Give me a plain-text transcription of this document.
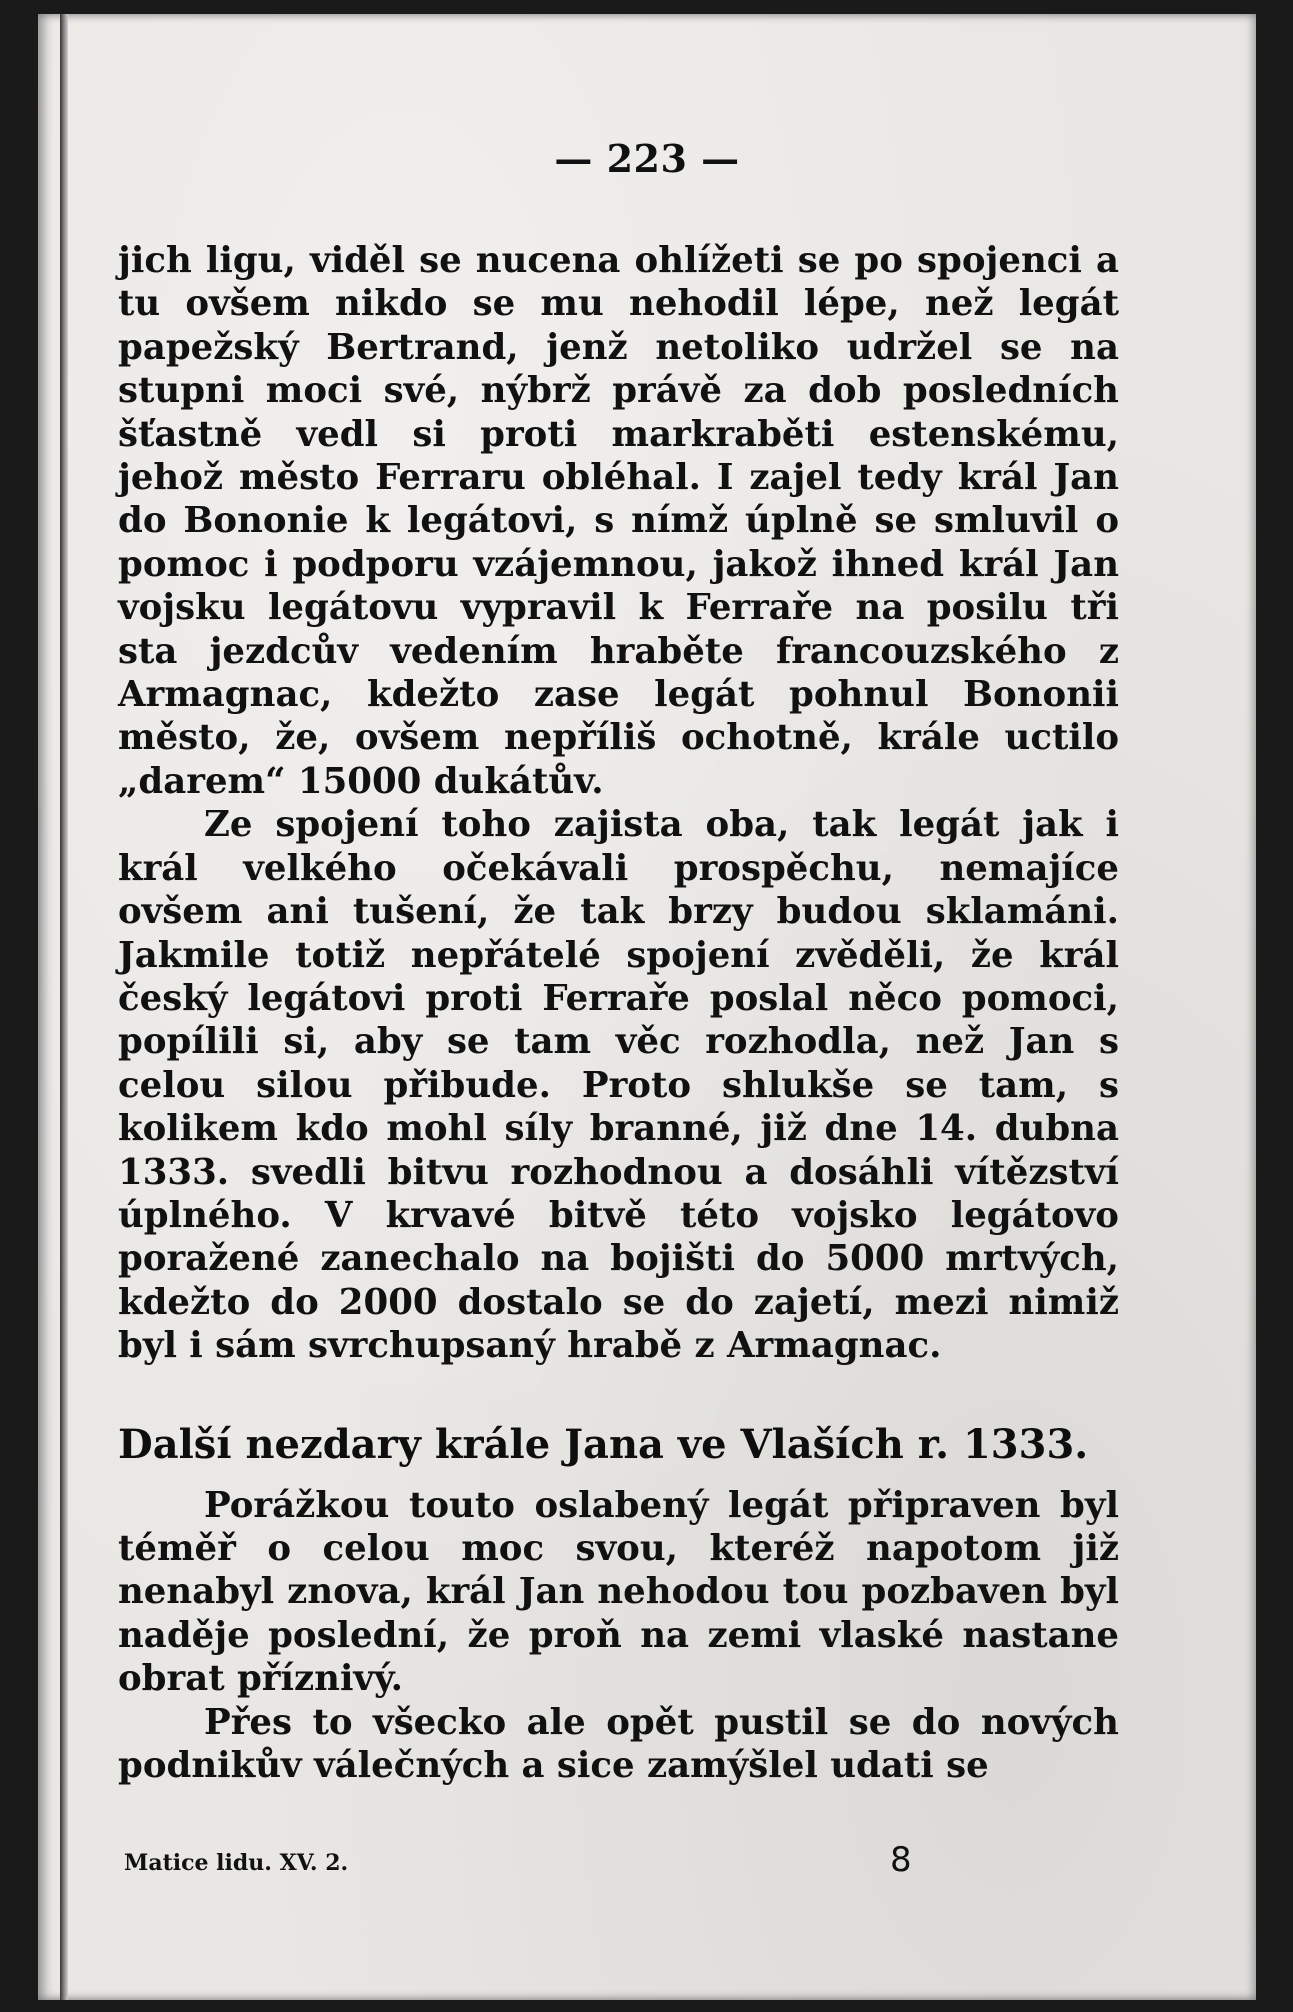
— 223 —

jich ligu, viděl se nucena ohlížeti se po spojenci a tu ovšem nikdo se mu nehodil lépe, než legát papežský Bertrand, jenž netoliko udržel se na stupni moci své, nýbrž právě za dob posledních šťastně vedl si proti markraběti estenskému, jehož město Ferraru obléhal. I zajel tedy král Jan do Bononie k legátovi, s nímž úplně se smluvil o pomoc i podporu vzájemnou, jakož ihned král Jan vojsku legátovu vypravil k Ferraře na posilu tři sta jezdcův vedením hraběte francouzského z Armagnac, kdežto zase legát pohnul Bononii město, že, ovšem nepříliš ochotně, krále uctilo „darem“ 15000 dukátův.

Ze spojení toho zajista oba, tak legát jak i král velkého očekávali prospěchu, nemajíce ovšem ani tušení, že tak brzy budou sklamáni. Jakmile totiž nepřátelé spojení zvěděli, že král český legátovi proti Ferraře poslal něco pomoci, popílili si, aby se tam věc rozhodla, než Jan s celou silou přibude. Proto shlukše se tam, s kolikem kdo mohl síly branné, již dne 14. dubna 1333. svedli bitvu rozhodnou a dosáhli vítězství úplného. V krvavé bitvě této vojsko legátovo poražené zanechalo na bojišti do 5000 mrtvých, kdežto do 2000 dostalo se do zajetí, mezi nimiž byl i sám svrchupsaný hrabě z Armagnac.

Další nezdary krále Jana ve Vlaších r. 1333.

Porážkou touto oslabený legát připraven byl téměř o celou moc svou, kteréž napotom již nenabyl znova, král Jan nehodou tou pozbaven byl naděje poslední, že proň na zemi vlaské nastane obrat příznivý.

Přes to všecko ale opět pustil se do nových podnikův válečných a sice zamýšlel udati se

Matice lidu. XV. 2.	8
